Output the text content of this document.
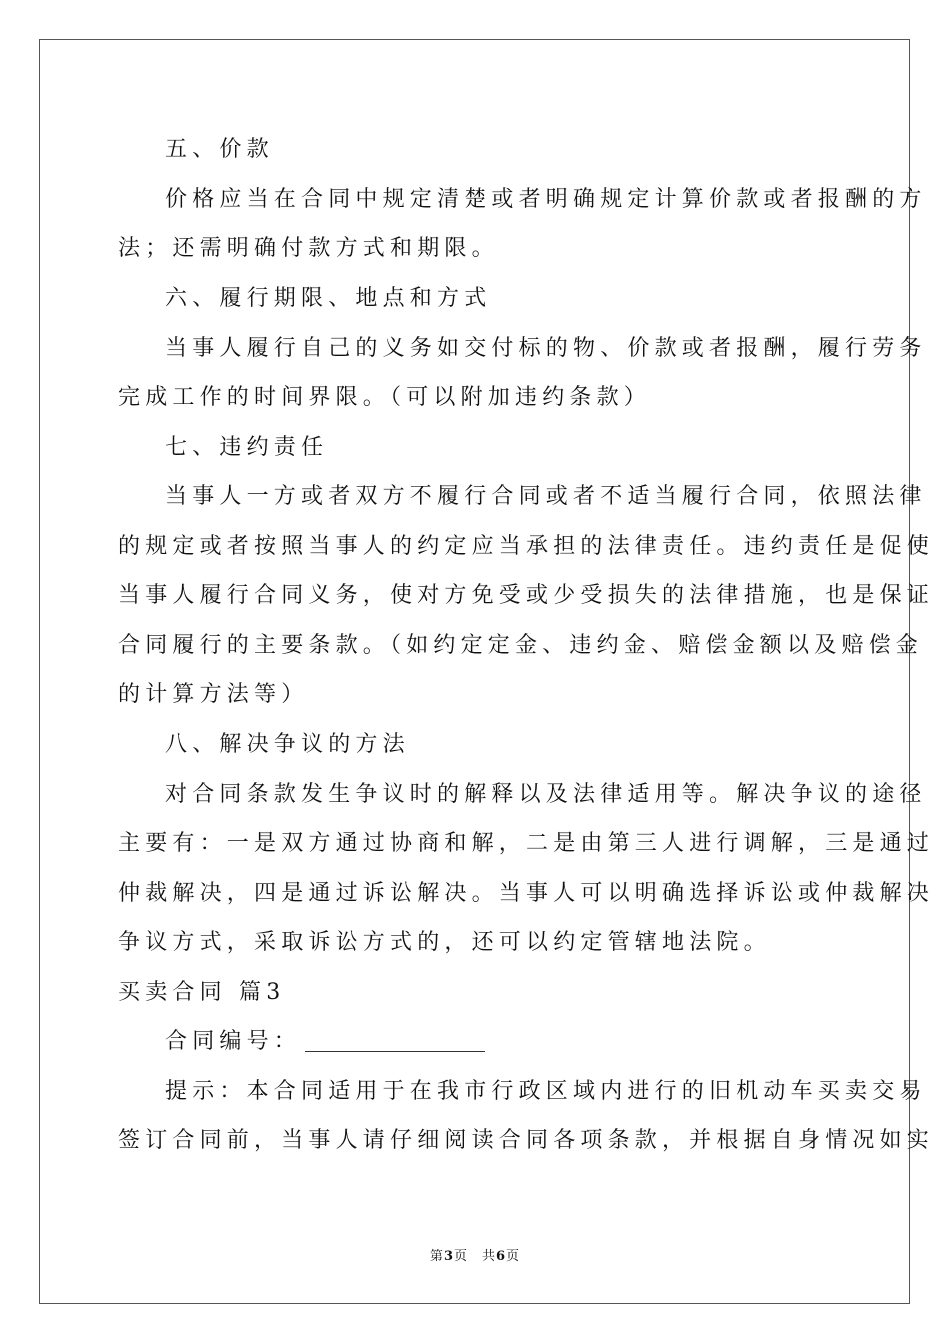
五、价款

价格应当在合同中规定清楚或者明确规定计算价款或者报酬的方

法；还需明确付款方式和期限。

六、履行期限、地点和方式

当事人履行自己的义务如交付标的物、价款或者报酬，履行劳务

完成工作的时间界限。（可以附加违约条款）

七、违约责任

当事人一方或者双方不履行合同或者不适当履行合同，依照法律

的规定或者按照当事人的约定应当承担的法律责任。违约责任是促使

当事人履行合同义务，使对方免受或少受损失的法律措施，也是保证

合同履行的主要条款。（如约定定金、违约金、赔偿金额以及赔偿金

的计算方法等）

八、解决争议的方法

对合同条款发生争议时的解释以及法律适用等。解决争议的途径

主要有：一是双方通过协商和解，二是由第三人进行调解，三是通过

仲裁解决，四是通过诉讼解决。当事人可以明确选择诉讼或仲裁解决

争议方式，采取诉讼方式的，还可以约定管辖地法院。

买卖合同 篇3

合同编号：

提示：本合同适用于在我市行政区域内进行的旧机动车买卖交易

签订合同前，当事人请仔细阅读合同各项条款，并根据自身情况如实

第3页　共6页
